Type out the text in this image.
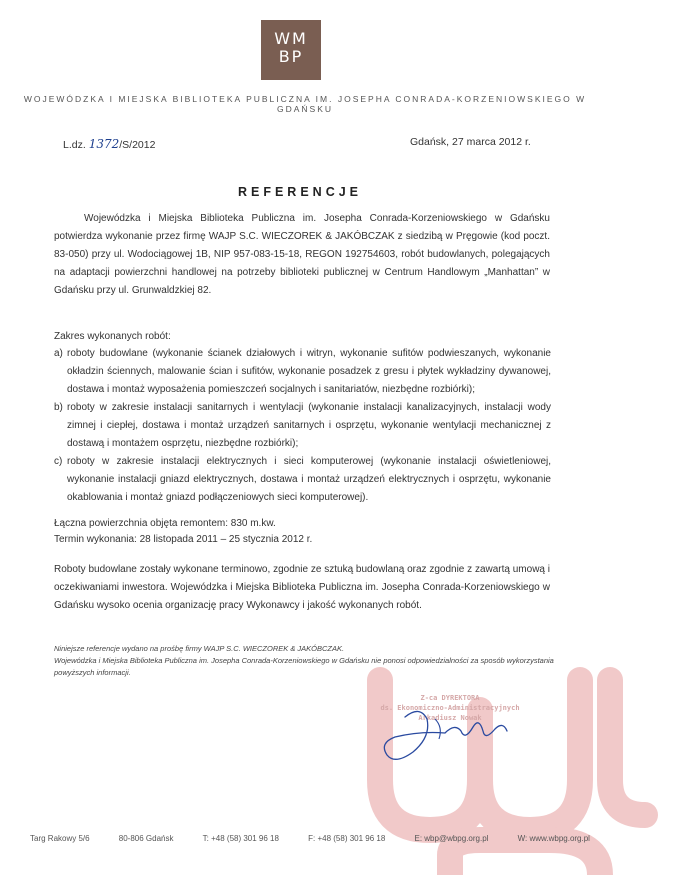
WM
BP
WOJEWÓDZKA I MIEJSKA BIBLIOTEKA PUBLICZNA IM. JOSEPHA CONRADA-KORZENIOWSKIEGO W GDAŃSKU
L.dz. 1372/S/2012	Gdańsk, 27 marca 2012 r.
REFERENCJE
Wojewódzka i Miejska Biblioteka Publiczna im. Josepha Conrada-Korzeniowskiego w Gdańsku potwierdza wykonanie przez firmę WAJP S.C. WIECZOREK & JAKÓBCZAK z siedzibą w Pręgowie (kod poczt. 83-050) przy ul. Wodociągowej 1B, NIP 957-083-15-18, REGON 192754603, robót budowlanych, polegających na adaptacji powierzchni handlowej na potrzeby biblioteki publicznej w Centrum Handlowym „Manhattan” w Gdańsku przy ul. Grunwaldzkiej 82.
Zakres wykonanych robót:
a) roboty budowlane (wykonanie ścianek działowych i witryn, wykonanie sufitów podwieszanych, wykonanie okładzin ściennych, malowanie ścian i sufitów, wykonanie posadzek z gresu i płytek wykładziny dywanowej, dostawa i montaż wyposażenia pomieszczeń socjalnych i sanitariatów, niezbędne rozbiórki);
b) roboty w zakresie instalacji sanitarnych i wentylacji (wykonanie instalacji kanalizacyjnych, instalacji wody zimnej i ciepłej, dostawa i montaż urządzeń sanitarnych i osprzętu, wykonanie wentylacji mechanicznej z dostawą i montażem osprzętu, niezbędne rozbiórki);
c) roboty w zakresie instalacji elektrycznych i sieci komputerowej (wykonanie instalacji oświetleniowej, wykonanie instalacji gniazd elektrycznych, dostawa i montaż urządzeń elektrycznych i osprzętu, wykonanie okablowania i montaż gniazd podłączeniowych sieci komputerowej).
Łączna powierzchnia objęta remontem: 830 m.kw.
Termin wykonania: 28 listopada 2011 – 25 stycznia 2012 r.
Roboty budowlane zostały wykonane terminowo, zgodnie ze sztuką budowlaną oraz zgodnie z zawartą umową i oczekiwaniami inwestora. Wojewódzka i Miejska Biblioteka Publiczna im. Josepha Conrada-Korzeniowskiego w Gdańsku wysoko ocenia organizację pracy Wykonawcy i jakość wykonanych robót.
Niniejsze referencje wydano na prośbę firmy WAJP S.C. WIECZOREK & JAKÓBCZAK.
Wojewódzka i Miejska Biblioteka Publiczna im. Josepha Conrada-Korzeniowskiego w Gdańsku nie ponosi odpowiedzialności za sposób wykorzystania powyższych informacji.
Z-ca DYREKTORA
ds. Ekonomiczno-Administracyjnych
Arkadiusz Nowak
Targ Rakowy 5/6	80-806 Gdańsk	T: +48 (58) 301 96 18	F: +48 (58) 301 96 18	E: wbp@wbpg.org.pl	W: www.wbpg.org.pl
